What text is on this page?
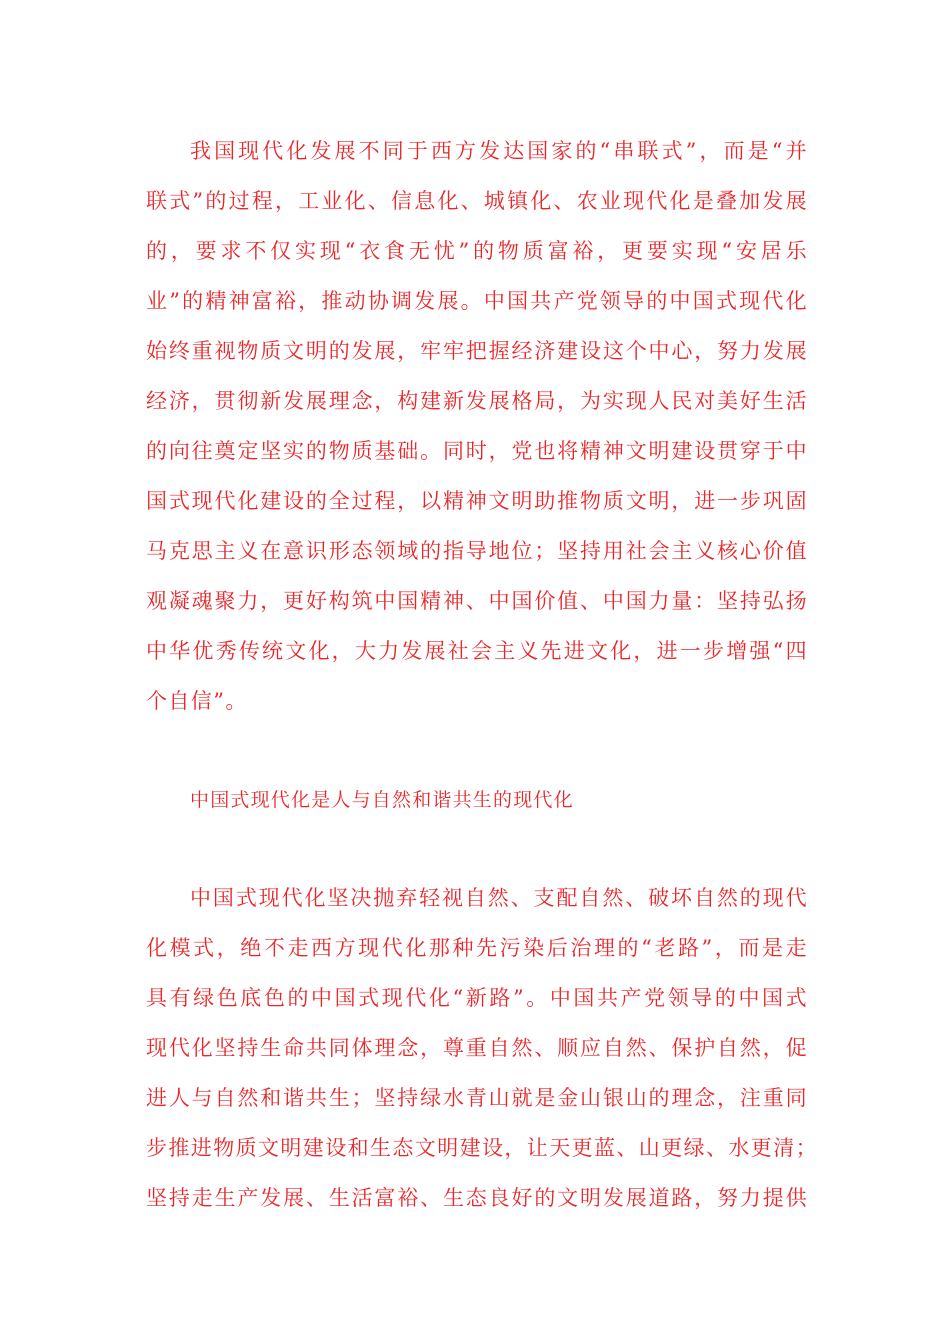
我国现代化发展不同于西方发达国家的“串联式”，而是“并
联式”的过程，工业化、信息化、城镇化、农业现代化是叠加发展
的，要求不仅实现“衣食无忧”的物质富裕，更要实现“安居乐
业”的精神富裕，推动协调发展。中国共产党领导的中国式现代化
始终重视物质文明的发展，牢牢把握经济建设这个中心，努力发展
经济，贯彻新发展理念，构建新发展格局，为实现人民对美好生活
的向往奠定坚实的物质基础。同时，党也将精神文明建设贯穿于中
国式现代化建设的全过程，以精神文明助推物质文明，进一步巩固
马克思主义在意识形态领域的指导地位；坚持用社会主义核心价值
观凝魂聚力，更好构筑中国精神、中国价值、中国力量：坚持弘扬
中华优秀传统文化，大力发展社会主义先进文化，进一步增强“四
个自信”。

中国式现代化是人与自然和谐共生的现代化

中国式现代化坚决抛弃轻视自然、支配自然、破坏自然的现代
化模式，绝不走西方现代化那种先污染后治理的“老路”，而是走
具有绿色底色的中国式现代化“新路”。中国共产党领导的中国式
现代化坚持生命共同体理念，尊重自然、顺应自然、保护自然，促
进人与自然和谐共生；坚持绿水青山就是金山银山的理念，注重同
步推进物质文明建设和生态文明建设，让天更蓝、山更绿、水更清；
坚持走生产发展、生活富裕、生态良好的文明发展道路，努力提供
